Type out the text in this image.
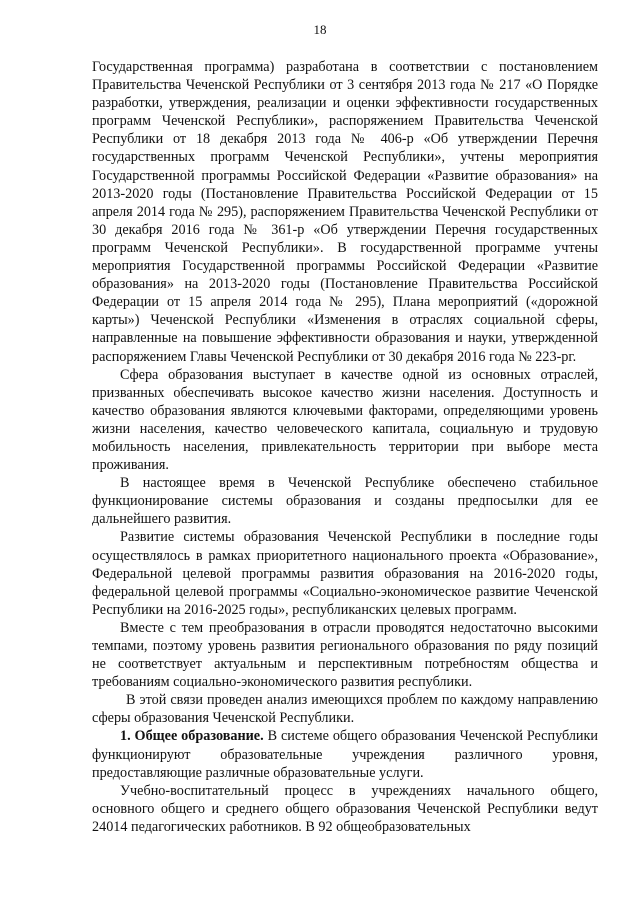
18

Государственная программа) разработана в соответствии с постановлением Правительства Чеченской Республики от 3 сентября 2013 года № 217 «О Порядке разработки, утверждения, реализации и оценки эффективности государственных программ Чеченской Республики», распоряжением Правительства Чеченской Республики от 18 декабря 2013 года № 406-р «Об утверждении Перечня государственных программ Чеченской Республики», учтены мероприятия Государственной программы Российской Федерации «Развитие образования» на 2013-2020 годы (Постановление Правительства Российской Федерации от 15 апреля 2014 года № 295), распоряжением Правительства Чеченской Республики от 30 декабря 2016 года № 361-р «Об утверждении Перечня государственных программ Чеченской Республики». В государственной программе учтены мероприятия Государственной программы Российской Федерации «Развитие образования» на 2013-2020 годы (Постановление Правительства Российской Федерации от 15 апреля 2014 года № 295), Плана мероприятий («дорожной карты») Чеченской Республики «Изменения в отраслях социальной сферы, направленные на повышение эффективности образования и науки, утвержденной распоряжением Главы Чеченской Республики от 30 декабря 2016 года № 223-рг.

Сфера образования выступает в качестве одной из основных отраслей, призванных обеспечивать высокое качество жизни населения. Доступность и качество образования являются ключевыми факторами, определяющими уровень жизни населения, качество человеческого капитала, социальную и трудовую мобильность населения, привлекательность территории при выборе места проживания.

В настоящее время в Чеченской Республике обеспечено стабильное функционирование системы образования и созданы предпосылки для ее дальнейшего развития.

Развитие системы образования Чеченской Республики в последние годы осуществлялось в рамках приоритетного национального проекта «Образование», Федеральной целевой программы развития образования на 2016-2020 годы, федеральной целевой программы «Социально-экономическое развитие Чеченской Республики на 2016-2025 годы», республиканских целевых программ.

Вместе с тем преобразования в отрасли проводятся недостаточно высокими темпами, поэтому уровень развития регионального образования по ряду позиций не соответствует актуальным и перспективным потребностям общества и требованиям социально-экономического развития республики.

В этой связи проведен анализ имеющихся проблем по каждому направлению сферы образования Чеченской Республики.

1. Общее образование. В системе общего образования Чеченской Республики функционируют образовательные учреждения различного уровня, предоставляющие различные образовательные услуги.

Учебно-воспитательный процесс в учреждениях начального общего, основного общего и среднего общего образования Чеченской Республики ведут 24014 педагогических работников. В 92 общеобразовательных
